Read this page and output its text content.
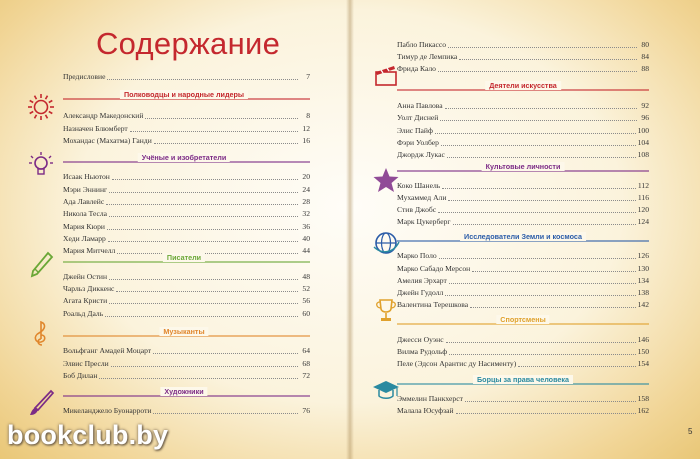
Содержание
Предисловие	7
Полководцы и народные лидеры
Александр Македонский	8
Назначен Блюмберт	12
Мохандас (Махатма) Ганди	16
Учёные и изобретатели
Исаак Ньютон	20
Мэри Эннинг	24
Ада Лавлейс	28
Никола Тесла	32
Мария Кюри	36
Хеди Ламарр	40
Мария Митчелл	44
Писатели
Джейн Остин	48
Чарльз Диккенс	52
Агата Кристи	56
Роальд Даль	60
Музыканты
Вольфганг Амадей Моцарт	64
Элвис Пресли	68
Боб Дилан	72
Художники
Микеланджело Буонарроти	76
Пабло Пикассо	80
Тимур де Лемпика	84
Фрида Кало	88
Деятели искусства
Анна Павлова	92
Уолт Дисней	96
Элис Пайф	100
Фэри Уолбер	104
Джордж Лукас	108
Культовые личности
Коко Шанель	112
Мухаммед Али	116
Стив Джобс	120
Марк Цукерберг	124
Исследователи Земли и космоса
Марко Поло	126
Марко Сабадо Мерсон	130
Амелия Эрхарт	134
Джейн Гудолл	138
Валентина Терешкова	142
Спортсмены
Джесси Оуэнс	146
Вилма Рудольф	150
Пеле (Эдсон Арантис ду Насименту)	154
Борцы за права человека
Эммелин Панкхерст	158
Малала Юсуфзай	162
bookclub.by	5
